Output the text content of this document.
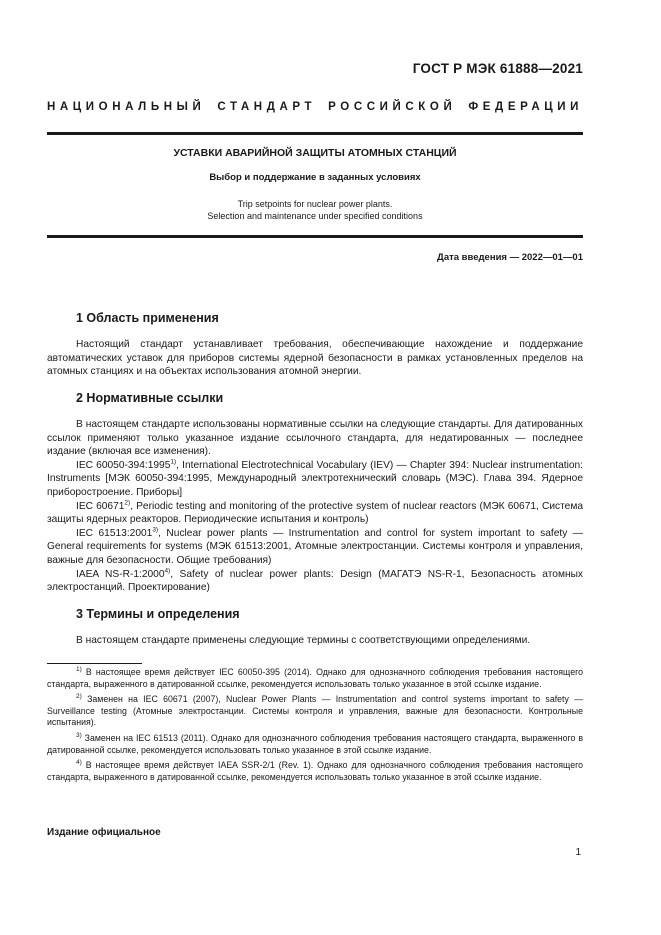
ГОСТ Р МЭК 61888—2021
НАЦИОНАЛЬНЫЙ СТАНДАРТ РОССИЙСКОЙ ФЕДЕРАЦИИ
УСТАВКИ АВАРИЙНОЙ ЗАЩИТЫ АТОМНЫХ СТАНЦИЙ
Выбор и поддержание в заданных условиях
Trip setpoints for nuclear power plants.
Selection and maintenance under specified conditions
Дата введения — 2022—01—01
1 Область применения

Настоящий стандарт устанавливает требования, обеспечивающие нахождение и поддержание автоматических уставок для приборов системы ядерной безопасности в рамках установленных пределов на атомных станциях и на объектах использования атомной энергии.

2 Нормативные ссылки

В настоящем стандарте использованы нормативные ссылки на следующие стандарты. Для датированных ссылок применяют только указанное издание ссылочного стандарта, для недатированных — последнее издание (включая все изменения).

IEC 60050-394:1995$^{1)}$, International Electrotechnical Vocabulary (IEV) — Chapter 394: Nuclear instrumentation: Instruments [МЭК 60050-394:1995, Международный электротехнический словарь (МЭС). Глава 394. Ядерное приборостроение. Приборы]

IEC 60671$^{2)}$, Periodic testing and monitoring of the protective system of nuclear reactors (МЭК 60671, Система защиты ядерных реакторов. Периодические испытания и контроль)

IEC 61513:2001$^{3)}$, Nuclear power plants — Instrumentation and control for system important to safety — General requirements for systems (МЭК 61513:2001, Атомные электростанции. Системы контроля и управления, важные для безопасности. Общие требования)

IAEA NS-R-1:2000$^{4)}$, Safety of nuclear power plants: Design (МАГАТЭ NS-R-1, Безопасность атомных электростанций. Проектирование)

3 Термины и определения

В настоящем стандарте применены следующие термины с соответствующими определениями.

$^{1)}$ В настоящее время действует IEC 60050-395 (2014). Однако для однозначного соблюдения требования настоящего стандарта, выраженного в датированной ссылке, рекомендуется использовать только указанное в этой ссылке издание.

$^{2)}$ Заменен на IEC 60671 (2007), Nuclear Power Plants — Instrumentation and control systems important to safety — Surveillance testing (Атомные электростанции. Системы контроля и управления, важные для безопасности. Контрольные испытания).

$^{3)}$ Заменен на IEC 61513 (2011). Однако для однозначного соблюдения требования настоящего стандарта, выраженного в датированной ссылке, рекомендуется использовать только указанное в этой ссылке издание.

$^{4)}$ В настоящее время действует IAEA SSR-2/1 (Rev. 1). Однако для однозначного соблюдения требования настоящего стандарта, выраженного в датированной ссылке, рекомендуется использовать только указанное в этой ссылке издание.

Издание официальное
1
